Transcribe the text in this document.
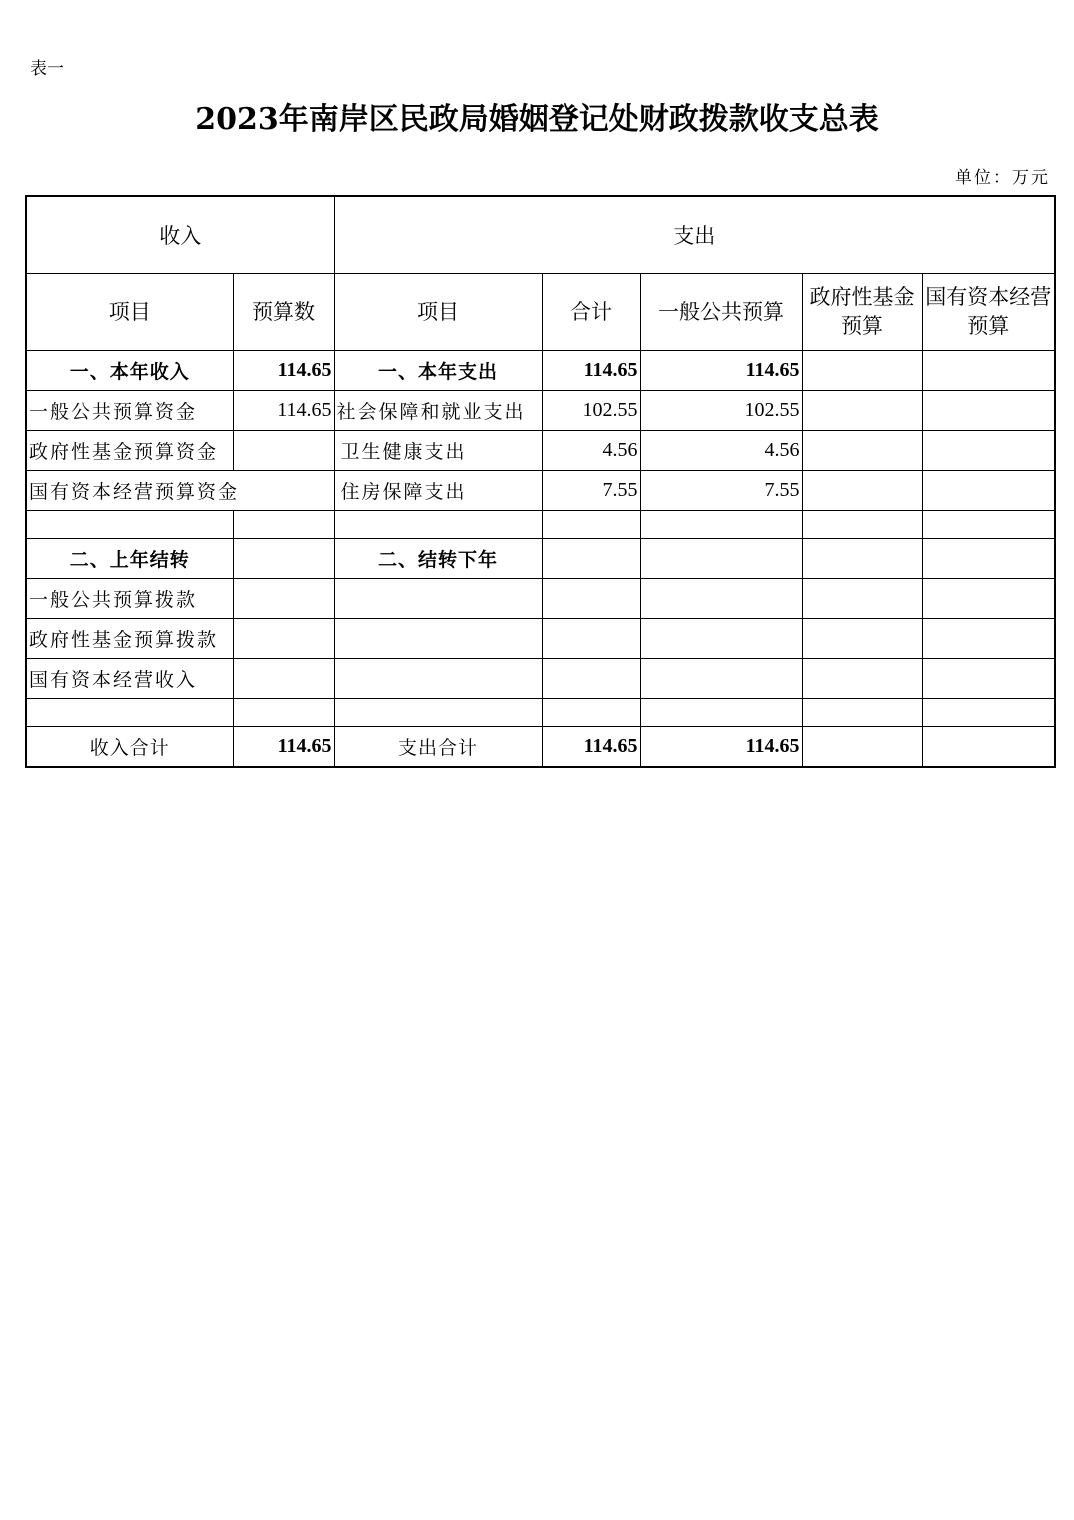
表一
2023年南岸区民政局婚姻登记处财政拨款收支总表
单位：万元
收入		支出				
项目	预算数	项目	合计	一般公共预算	政府性基金预算	国有资本经营预算
一、本年收入	114.65	一、本年支出	114.65	114.65		
一般公共预算资金	114.65	社会保障和就业支出	102.55	102.55		
政府性基金预算资金		卫生健康支出	4.56	4.56		
国有资本经营预算资金		住房保障支出	7.55	7.55		

二、上年结转		二、结转下年				
一般公共预算拨款						
政府性基金预算拨款						
国有资本经营收入						

收入合计	114.65	支出合计	114.65	114.65		
